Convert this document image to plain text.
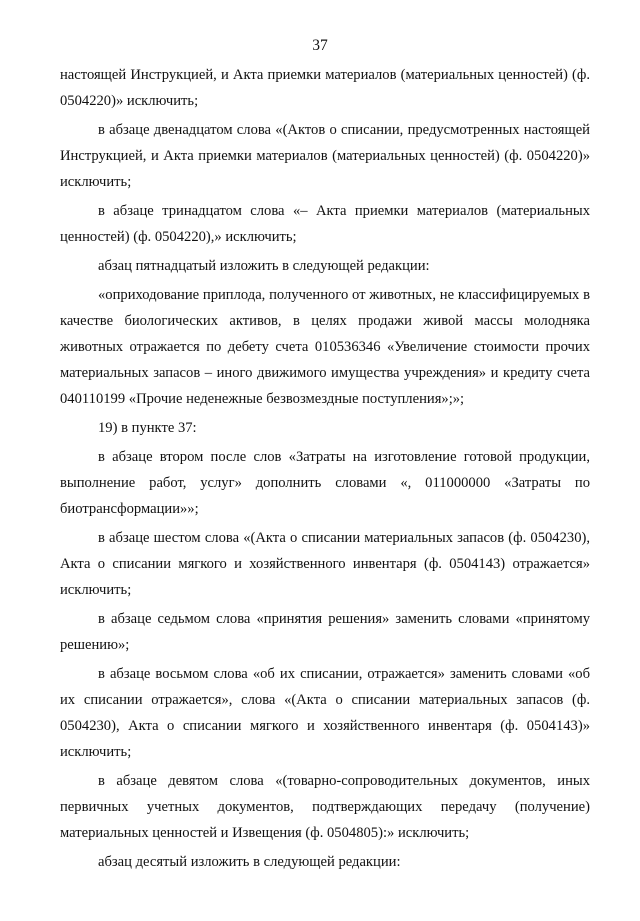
37

настоящей Инструкцией, и Акта приемки материалов (материальных ценностей) (ф. 0504220)» исключить;

в абзаце двенадцатом слова «(Актов о списании, предусмотренных настоящей Инструкцией, и Акта приемки материалов (материальных ценностей) (ф. 0504220)» исключить;

в абзаце тринадцатом слова «– Акта приемки материалов (материальных ценностей) (ф. 0504220),» исключить;

абзац пятнадцатый изложить в следующей редакции:

«оприходование приплода, полученного от животных, не классифицируемых в качестве биологических активов, в целях продажи живой массы молодняка животных отражается по дебету счета 010536346 «Увеличение стоимости прочих материальных запасов – иного движимого имущества учреждения» и кредиту счета 040110199 «Прочие неденежные безвозмездные поступления»;»;

19) в пункте 37:

в абзаце втором после слов «Затраты на изготовление готовой продукции, выполнение работ, услуг» дополнить словами «, 011000000 «Затраты по биотрансформации»»;

в абзаце шестом слова «(Акта о списании материальных запасов (ф. 0504230), Акта о списании мягкого и хозяйственного инвентаря (ф. 0504143) отражается» исключить;

в абзаце седьмом слова «принятия решения» заменить словами «принятому решению»;

в абзаце восьмом слова «об их списании, отражается» заменить словами «об их списании отражается», слова «(Акта о списании материальных запасов (ф. 0504230), Акта о списании мягкого и хозяйственного инвентаря (ф. 0504143)» исключить;

в абзаце девятом слова «(товарно-сопроводительных документов, иных первичных учетных документов, подтверждающих передачу (получение) материальных ценностей и Извещения (ф. 0504805):» исключить;

абзац десятый изложить в следующей редакции:
